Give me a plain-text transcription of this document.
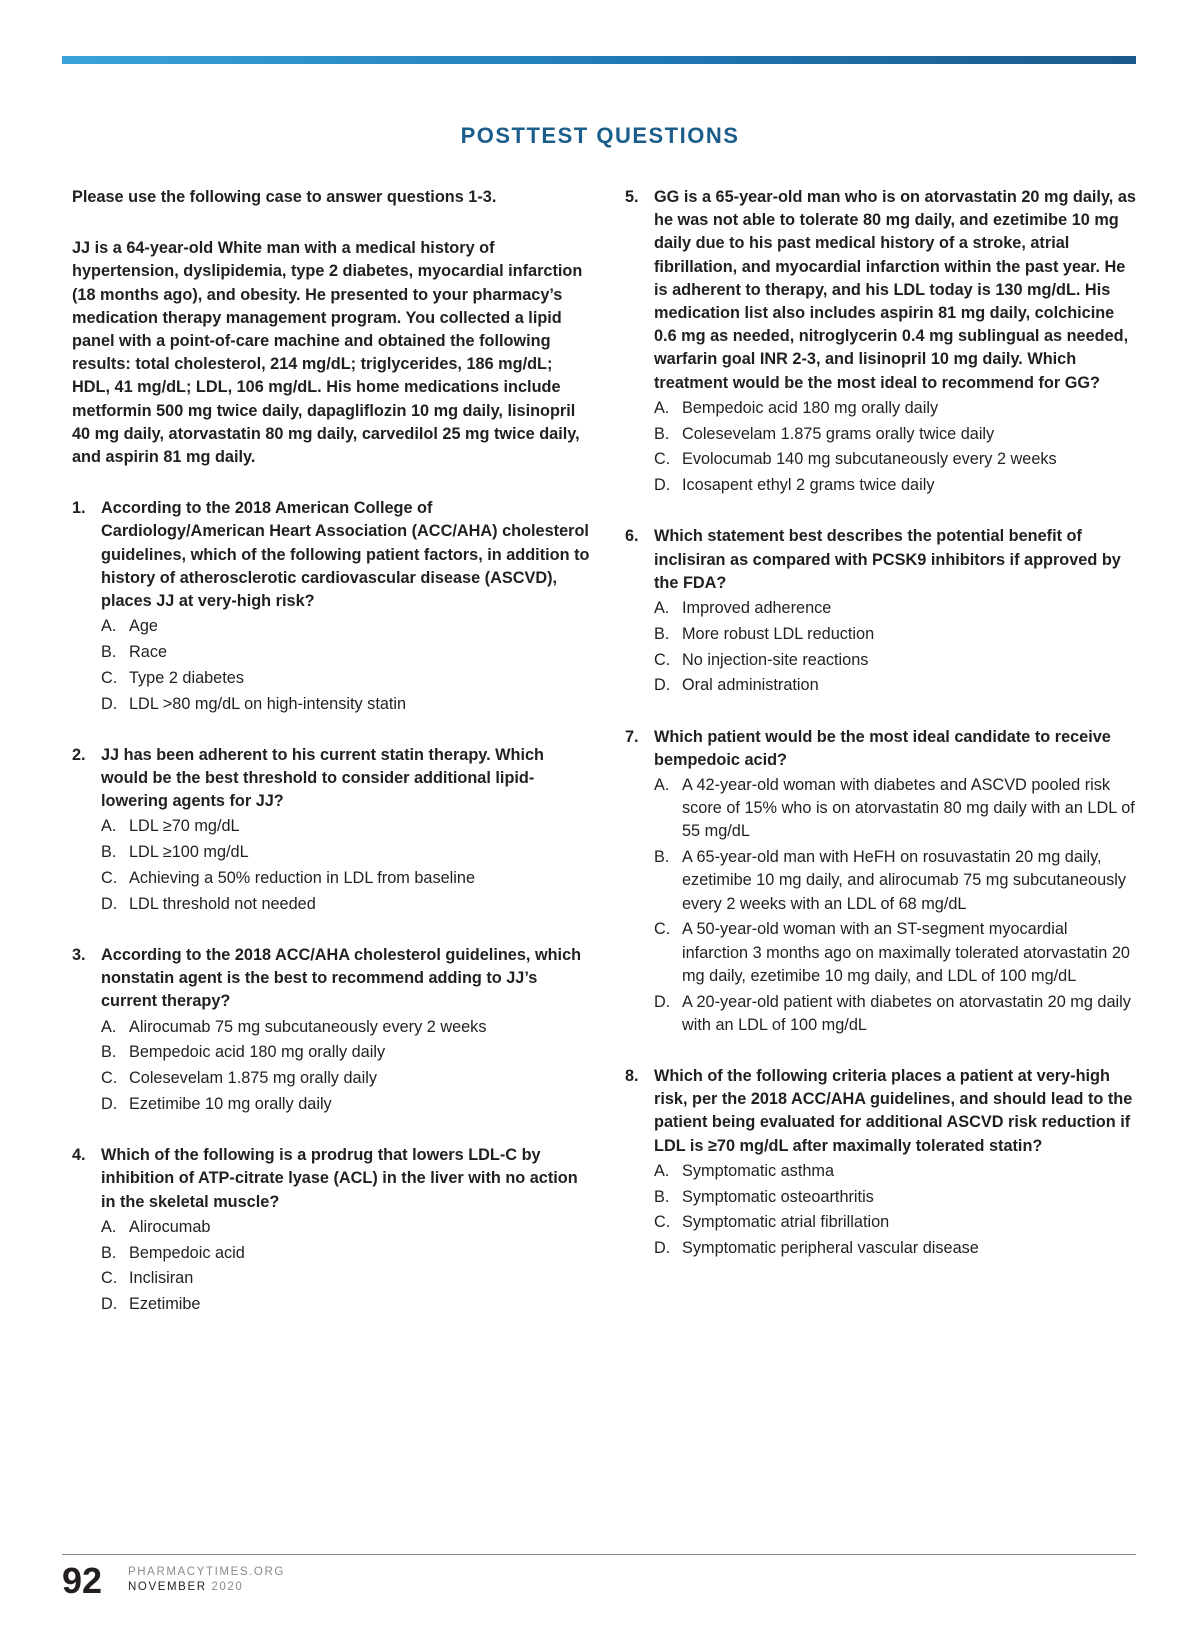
POSTTEST QUESTIONS
Please use the following case to answer questions 1-3.
JJ is a 64-year-old White man with a medical history of hypertension, dyslipidemia, type 2 diabetes, myocardial infarction (18 months ago), and obesity. He presented to your pharmacy’s medication therapy management program. You collected a lipid panel with a point-of-care machine and obtained the following results: total cholesterol, 214 mg/dL; triglycerides, 186 mg/dL; HDL, 41 mg/dL; LDL, 106 mg/dL. His home medications include metformin 500 mg twice daily, dapagliflozin 10 mg daily, lisinopril 40 mg daily, atorvastatin 80 mg daily, carvedilol 25 mg twice daily, and aspirin 81 mg daily.
1. According to the 2018 American College of Cardiology/American Heart Association (ACC/AHA) cholesterol guidelines, which of the following patient factors, in addition to history of atherosclerotic cardiovascular disease (ASCVD), places JJ at very-high risk?
A. Age
B. Race
C. Type 2 diabetes
D. LDL >80 mg/dL on high-intensity statin
2. JJ has been adherent to his current statin therapy. Which would be the best threshold to consider additional lipid-lowering agents for JJ?
A. LDL ≥70 mg/dL
B. LDL ≥100 mg/dL
C. Achieving a 50% reduction in LDL from baseline
D. LDL threshold not needed
3. According to the 2018 ACC/AHA cholesterol guidelines, which nonstatin agent is the best to recommend adding to JJ’s current therapy?
A. Alirocumab 75 mg subcutaneously every 2 weeks
B. Bempedoic acid 180 mg orally daily
C. Colesevelam 1.875 mg orally daily
D. Ezetimibe 10 mg orally daily
4. Which of the following is a prodrug that lowers LDL-C by inhibition of ATP-citrate lyase (ACL) in the liver with no action in the skeletal muscle?
A. Alirocumab
B. Bempedoic acid
C. Inclisiran
D. Ezetimibe
5. GG is a 65-year-old man who is on atorvastatin 20 mg daily, as he was not able to tolerate 80 mg daily, and ezetimibe 10 mg daily due to his past medical history of a stroke, atrial fibrillation, and myocardial infarction within the past year. He is adherent to therapy, and his LDL today is 130 mg/dL. His medication list also includes aspirin 81 mg daily, colchicine 0.6 mg as needed, nitroglycerin 0.4 mg sublingual as needed, warfarin goal INR 2-3, and lisinopril 10 mg daily. Which treatment would be the most ideal to recommend for GG?
A. Bempedoic acid 180 mg orally daily
B. Colesevelam 1.875 grams orally twice daily
C. Evolocumab 140 mg subcutaneously every 2 weeks
D. Icosapent ethyl 2 grams twice daily
6. Which statement best describes the potential benefit of inclisiran as compared with PCSK9 inhibitors if approved by the FDA?
A. Improved adherence
B. More robust LDL reduction
C. No injection-site reactions
D. Oral administration
7. Which patient would be the most ideal candidate to receive bempedoic acid?
A. A 42-year-old woman with diabetes and ASCVD pooled risk score of 15% who is on atorvastatin 80 mg daily with an LDL of 55 mg/dL
B. A 65-year-old man with HeFH on rosuvastatin 20 mg daily, ezetimibe 10 mg daily, and alirocumab 75 mg subcutaneously every 2 weeks with an LDL of 68 mg/dL
C. A 50-year-old woman with an ST-segment myocardial infarction 3 months ago on maximally tolerated atorvastatin 20 mg daily, ezetimibe 10 mg daily, and LDL of 100 mg/dL
D. A 20-year-old patient with diabetes on atorvastatin 20 mg daily with an LDL of 100 mg/dL
8. Which of the following criteria places a patient at very-high risk, per the 2018 ACC/AHA guidelines, and should lead to the patient being evaluated for additional ASCVD risk reduction if LDL is ≥70 mg/dL after maximally tolerated statin?
A. Symptomatic asthma
B. Symptomatic osteoarthritis
C. Symptomatic atrial fibrillation
D. Symptomatic peripheral vascular disease
92 PHARMACYTIMES.ORG
NOVEMBER 2020
